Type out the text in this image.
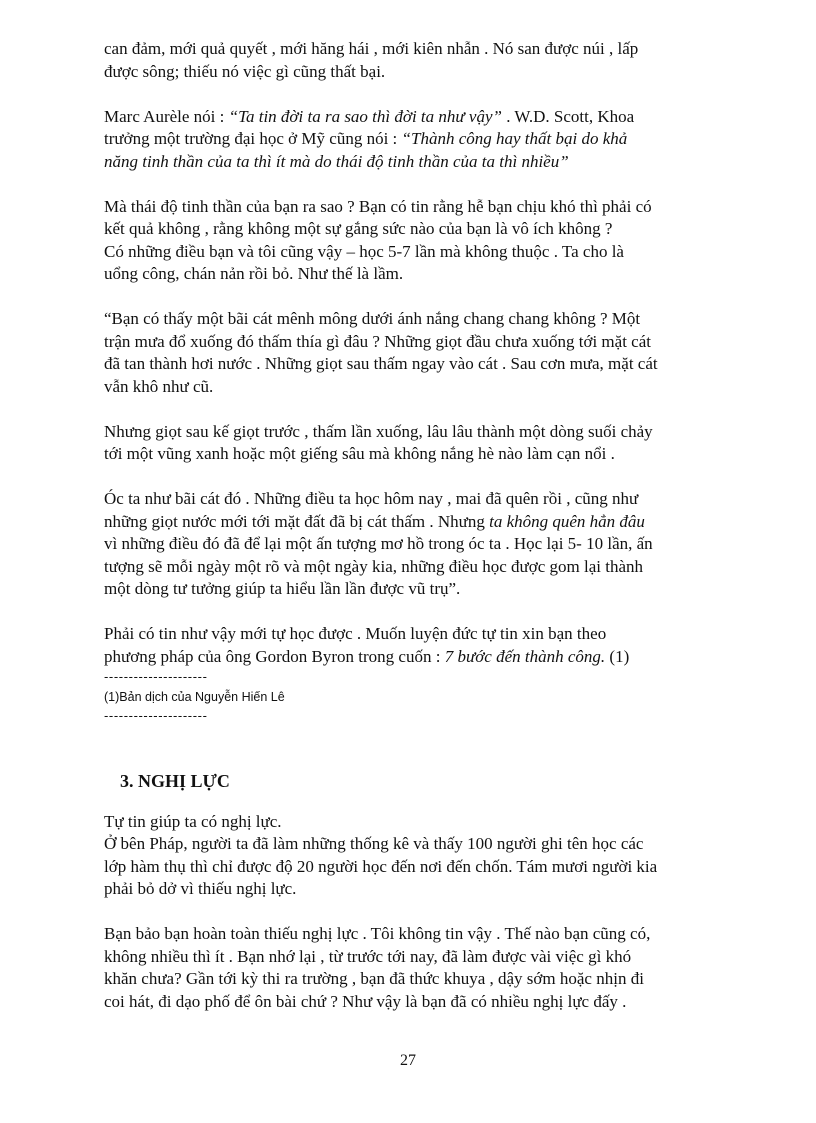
can đảm, mới quả quyết , mới hăng hái , mới kiên nhẫn . Nó san được núi , lấp
được sông; thiếu nó việc gì cũng thất bại.

Marc Aurèle nói : “Ta tin đời ta ra sao thì đời ta như vậy” . W.D. Scott, Khoa
trưởng một trường đại học ở Mỹ cũng nói : “Thành công hay thất bại do khả
năng tinh thần của ta thì ít mà do thái độ tinh thần của ta thì nhiều”

Mà thái độ tinh thần của bạn ra sao ? Bạn có tin rằng hễ bạn chịu khó thì phải có
kết quả không , rằng không một sự gắng sức nào của bạn là vô ích không ?
Có những điều bạn và tôi cũng vậy – học 5-7 lần mà không thuộc . Ta cho là
uổng công, chán nản rồi bỏ. Như thế là lầm.

“Bạn có thấy một bãi cát mênh mông dưới ánh nắng chang chang không ? Một
trận mưa đổ xuống đó thấm thía gì đâu ? Những giọt đầu chưa xuống tới mặt cát
đã tan thành hơi nước . Những giọt sau thấm ngay vào cát . Sau cơn mưa, mặt cát
vẫn khô như cũ.

Nhưng giọt sau kế giọt trước , thấm lần xuống, lâu lâu thành một dòng suối chảy
tới một vũng xanh hoặc một giếng sâu mà không nắng hè nào làm cạn nổi .

Óc ta như bãi cát đó . Những điều ta học hôm nay , mai đã quên rồi , cũng như
những giọt nước mới tới mặt đất đã bị cát thấm . Nhưng ta không quên hẳn đâu
vì những điều đó đã để lại một ấn tượng mơ hồ trong óc ta . Học lại 5- 10 lần, ấn
tượng sẽ mỗi ngày một rõ và một ngày kia, những điều học được gom lại thành
một dòng tư tưởng giúp ta hiểu lần lần được vũ trụ”.

Phải có tin như vậy mới tự học được . Muốn luyện đức tự tin xin bạn theo
phương pháp của ông Gordon Byron trong cuốn : 7 bước đến thành công. (1)

---------------------

(1)Bản dịch của Nguyễn Hiến Lê

---------------------

3. NGHỊ LỰC

Tự tin giúp ta có nghị lực.
Ở bên Pháp, người ta đã làm những thống kê và thấy 100 người ghi tên học các
lớp hàm thụ thì chỉ được độ 20 người học đến nơi đến chốn. Tám mươi người kia
phải bỏ dở vì thiếu nghị lực.

Bạn bảo bạn hoàn toàn thiếu nghị lực . Tôi không tin vậy . Thế nào bạn cũng có,
không nhiều thì ít . Bạn nhớ lại , từ trước tới nay, đã làm được vài việc gì khó
khăn chưa? Gần tới kỳ thi ra trường , bạn đã thức khuya , dậy sớm hoặc nhịn đi
coi hát, đi dạo phố để ôn bài chứ ? Như vậy là bạn đã có nhiều nghị lực đấy .

27
